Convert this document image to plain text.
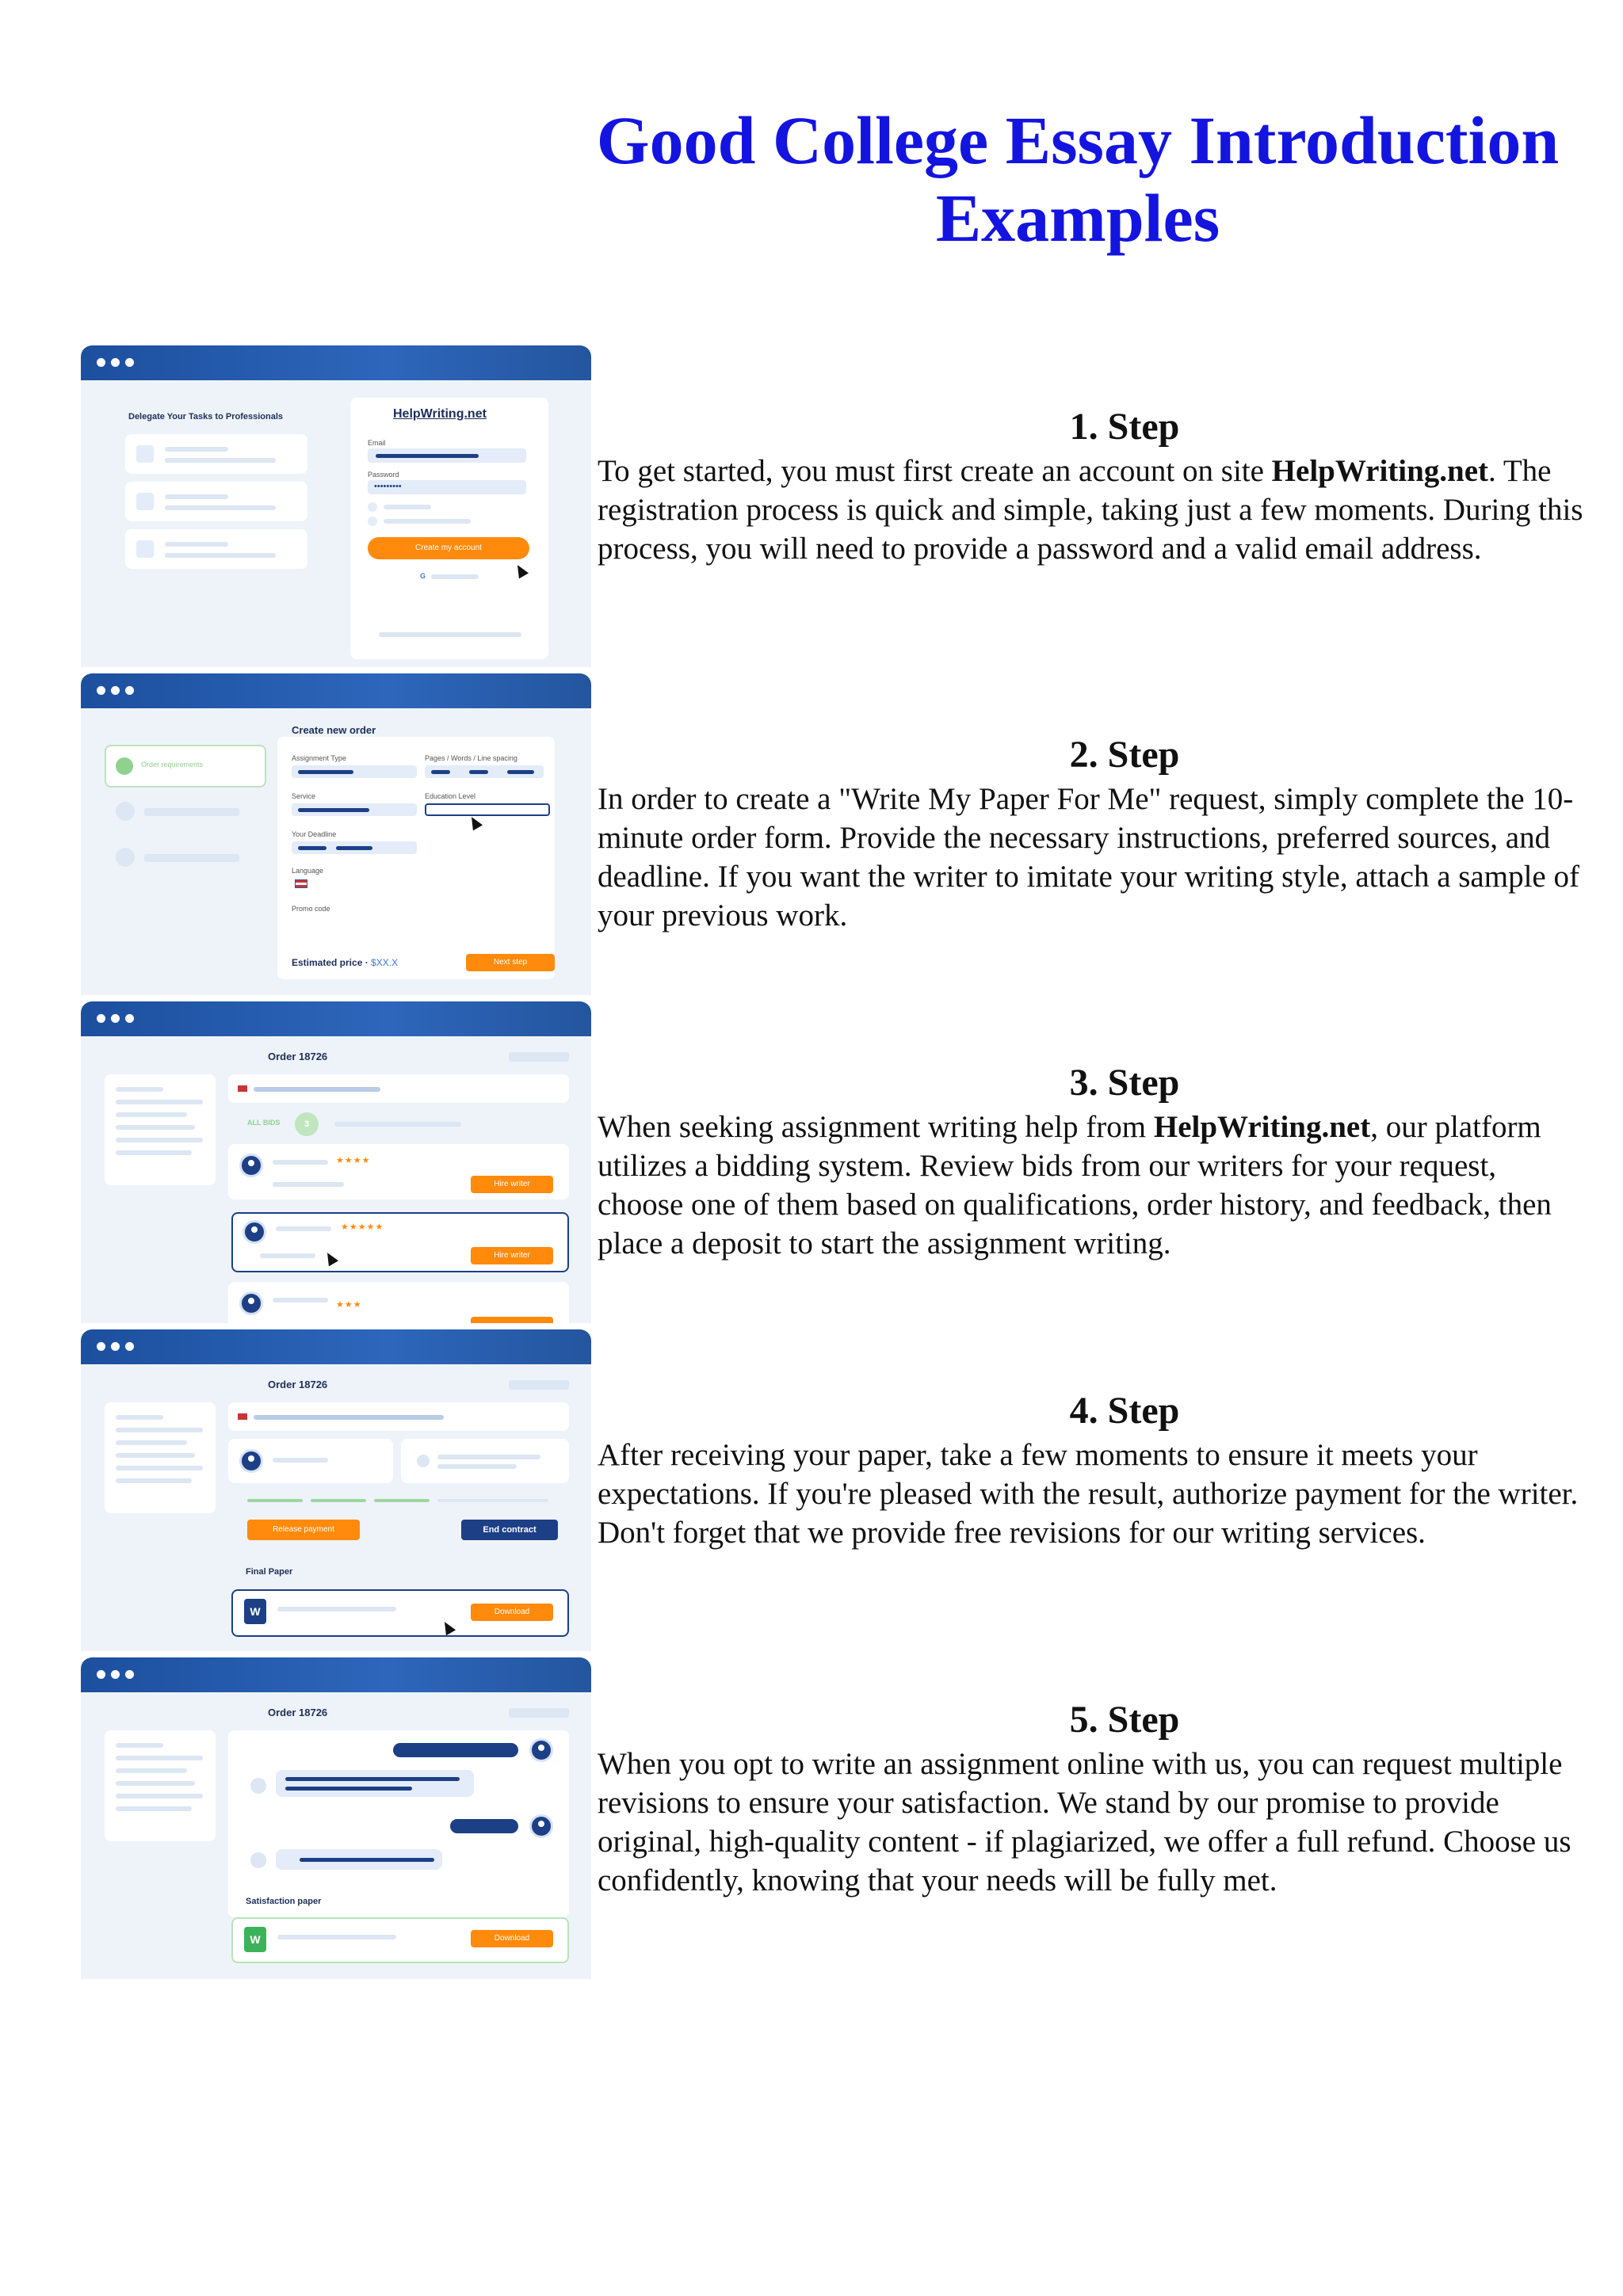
Good College Essay Introduction
Examples
Delegate Your Tasks to Professionals	HelpWriting.net
Email
Password
•••••••••
Create my account
G
Create new order
Order requirements
Assignment Type	Pages / Words / Line spacing
Service	Education Level
Your Deadline
Language
Promo code
Estimated price · $XX.X	Next step
Order 18726
ALL BIDS	3
★★★★
Hire writer
★★★★★
Hire writer
★★★
Order 18726
Release payment	End contract
Final Paper
W	Download
Order 18726
Satisfaction paper
W	Download
1. Step

To get started, you must first create an account on site HelpWriting.net. The registration process is quick and simple, taking just a few moments. During this process, you will need to provide a password and a valid email address.

2. Step

In order to create a "Write My Paper For Me" request, simply complete the 10-minute order form. Provide the necessary instructions, preferred sources, and deadline. If you want the writer to imitate your writing style, attach a sample of your previous work.

3. Step

When seeking assignment writing help from HelpWriting.net, our platform utilizes a bidding system. Review bids from our writers for your request, choose one of them based on qualifications, order history, and feedback, then place a deposit to start the assignment writing.

4. Step

After receiving your paper, take a few moments to ensure it meets your expectations. If you're pleased with the result, authorize payment for the writer. Don't forget that we provide free revisions for our writing services.

5. Step

When you opt to write an assignment online with us, you can request multiple revisions to ensure your satisfaction. We stand by our promise to provide original, high-quality content - if plagiarized, we offer a full refund. Choose us confidently, knowing that your needs will be fully met.
